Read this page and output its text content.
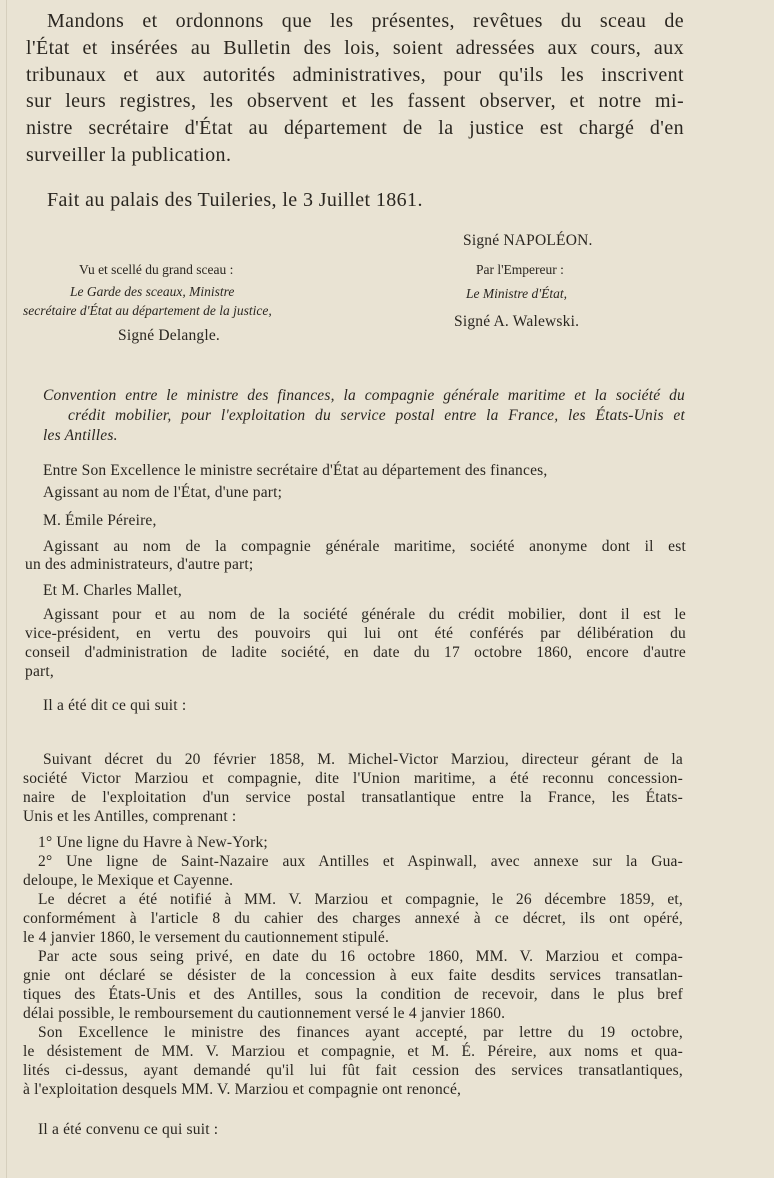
Mandons et ordonnons que les présentes, revêtues du sceau de
l'État et insérées au Bulletin des lois, soient adressées aux cours, aux
tribunaux et aux autorités administratives, pour qu'ils les inscrivent
sur leurs registres, les observent et les fassent observer, et notre mi-
nistre secrétaire d'État au département de la justice est chargé d'en
surveiller la publication.
Fait au palais des Tuileries, le 3 Juillet 1861.
Signé NAPOLÉON.
Vu et scellé du grand sceau :	Par l'Empereur :
Le Garde des sceaux, Ministre	Le Ministre d'État,
secrétaire d'État au département de la justice,
Signé A. Walewski.
Signé Delangle.
Convention entre le ministre des finances, la compagnie générale maritime et la société du
crédit mobilier, pour l'exploitation du service postal entre la France, les États-Unis et
les Antilles.
Entre Son Excellence le ministre secrétaire d'État au département des finances,
Agissant au nom de l'État, d'une part;
M. Émile Péreire,
Agissant au nom de la compagnie générale maritime, société anonyme dont il est
un des administrateurs, d'autre part;
Et M. Charles Mallet,
Agissant pour et au nom de la société générale du crédit mobilier, dont il est le
vice-président, en vertu des pouvoirs qui lui ont été conférés par délibération du
conseil d'administration de ladite société, en date du 17 octobre 1860, encore d'autre
part,
Il a été dit ce qui suit :
Suivant décret du 20 février 1858, M. Michel-Victor Marziou, directeur gérant de la
société Victor Marziou et compagnie, dite l'Union maritime, a été reconnu concession-
naire de l'exploitation d'un service postal transatlantique entre la France, les États-
Unis et les Antilles, comprenant :
1° Une ligne du Havre à New-York;
2° Une ligne de Saint-Nazaire aux Antilles et Aspinwall, avec annexe sur la Gua-
deloupe, le Mexique et Cayenne.
Le décret a été notifié à MM. V. Marziou et compagnie, le 26 décembre 1859, et,
conformément à l'article 8 du cahier des charges annexé à ce décret, ils ont opéré,
le 4 janvier 1860, le versement du cautionnement stipulé.
Par acte sous seing privé, en date du 16 octobre 1860, MM. V. Marziou et compa-
gnie ont déclaré se désister de la concession à eux faite desdits services transatlan-
tiques des États-Unis et des Antilles, sous la condition de recevoir, dans le plus bref
délai possible, le remboursement du cautionnement versé le 4 janvier 1860.
Son Excellence le ministre des finances ayant accepté, par lettre du 19 octobre,
le désistement de MM. V. Marziou et compagnie, et M. É. Péreire, aux noms et qua-
lités ci-dessus, ayant demandé qu'il lui fût fait cession des services transatlantiques,
à l'exploitation desquels MM. V. Marziou et compagnie ont renoncé,
Il a été convenu ce qui suit :
